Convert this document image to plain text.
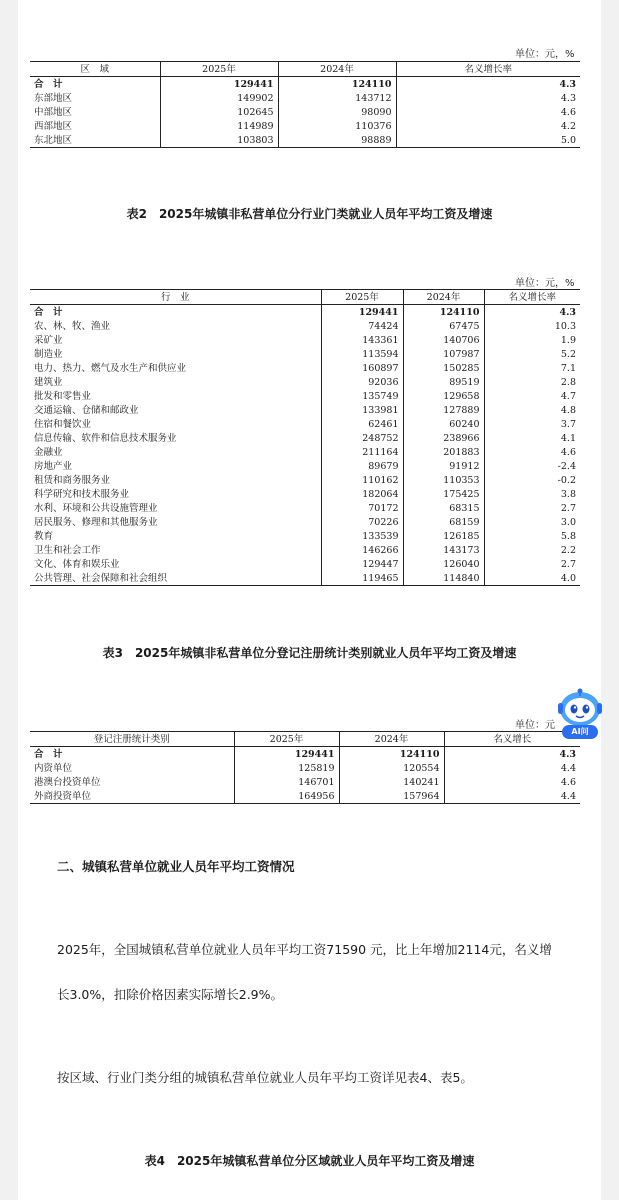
单位：元，%
区　域	2025年	2024年	名义增长率
合　计	129441	124110	4.3
东部地区	149902	143712	4.3
中部地区	102645	98090	4.6
西部地区	114989	110376	4.2
东北地区	103803	98889	5.0
表2　2025年城镇非私营单位分行业门类就业人员年平均工资及增速
单位：元，%
行　业	2025年	2024年	名义增长率
合　计	129441	124110	4.3
农、林、牧、渔业	74424	67475	10.3
采矿业	143361	140706	1.9
制造业	113594	107987	5.2
电力、热力、燃气及水生产和供应业	160897	150285	7.1
建筑业	92036	89519	2.8
批发和零售业	135749	129658	4.7
交通运输、仓储和邮政业	133981	127889	4.8
住宿和餐饮业	62461	60240	3.7
信息传输、软件和信息技术服务业	248752	238966	4.1
金融业	211164	201883	4.6
房地产业	89679	91912	-2.4
租赁和商务服务业	110162	110353	-0.2
科学研究和技术服务业	182064	175425	3.8
水利、环境和公共设施管理业	70172	68315	2.7
居民服务、修理和其他服务业	70226	68159	3.0
教育	133539	126185	5.8
卫生和社会工作	146266	143173	2.2
文化、体育和娱乐业	129447	126040	2.7
公共管理、社会保障和社会组织	119465	114840	4.0
表3　2025年城镇非私营单位分登记注册统计类别就业人员年平均工资及增速
单位：元
登记注册统计类别	2025年	2024年	名义增长
合　计	129441	124110	4.3
内资单位	125819	120554	4.4
港澳台投资单位	146701	140241	4.6
外商投资单位	164956	157964	4.4
AI问
二、城镇私营单位就业人员年平均工资情况
2025年，全国城镇私营单位就业人员年平均工资71590 元，比上年增加2114元，名义增
长3.0%，扣除价格因素实际增长2.9%。
按区域、行业门类分组的城镇私营单位就业人员年平均工资详见表4、表5。
表4　2025年城镇私营单位分区域就业人员年平均工资及增速
